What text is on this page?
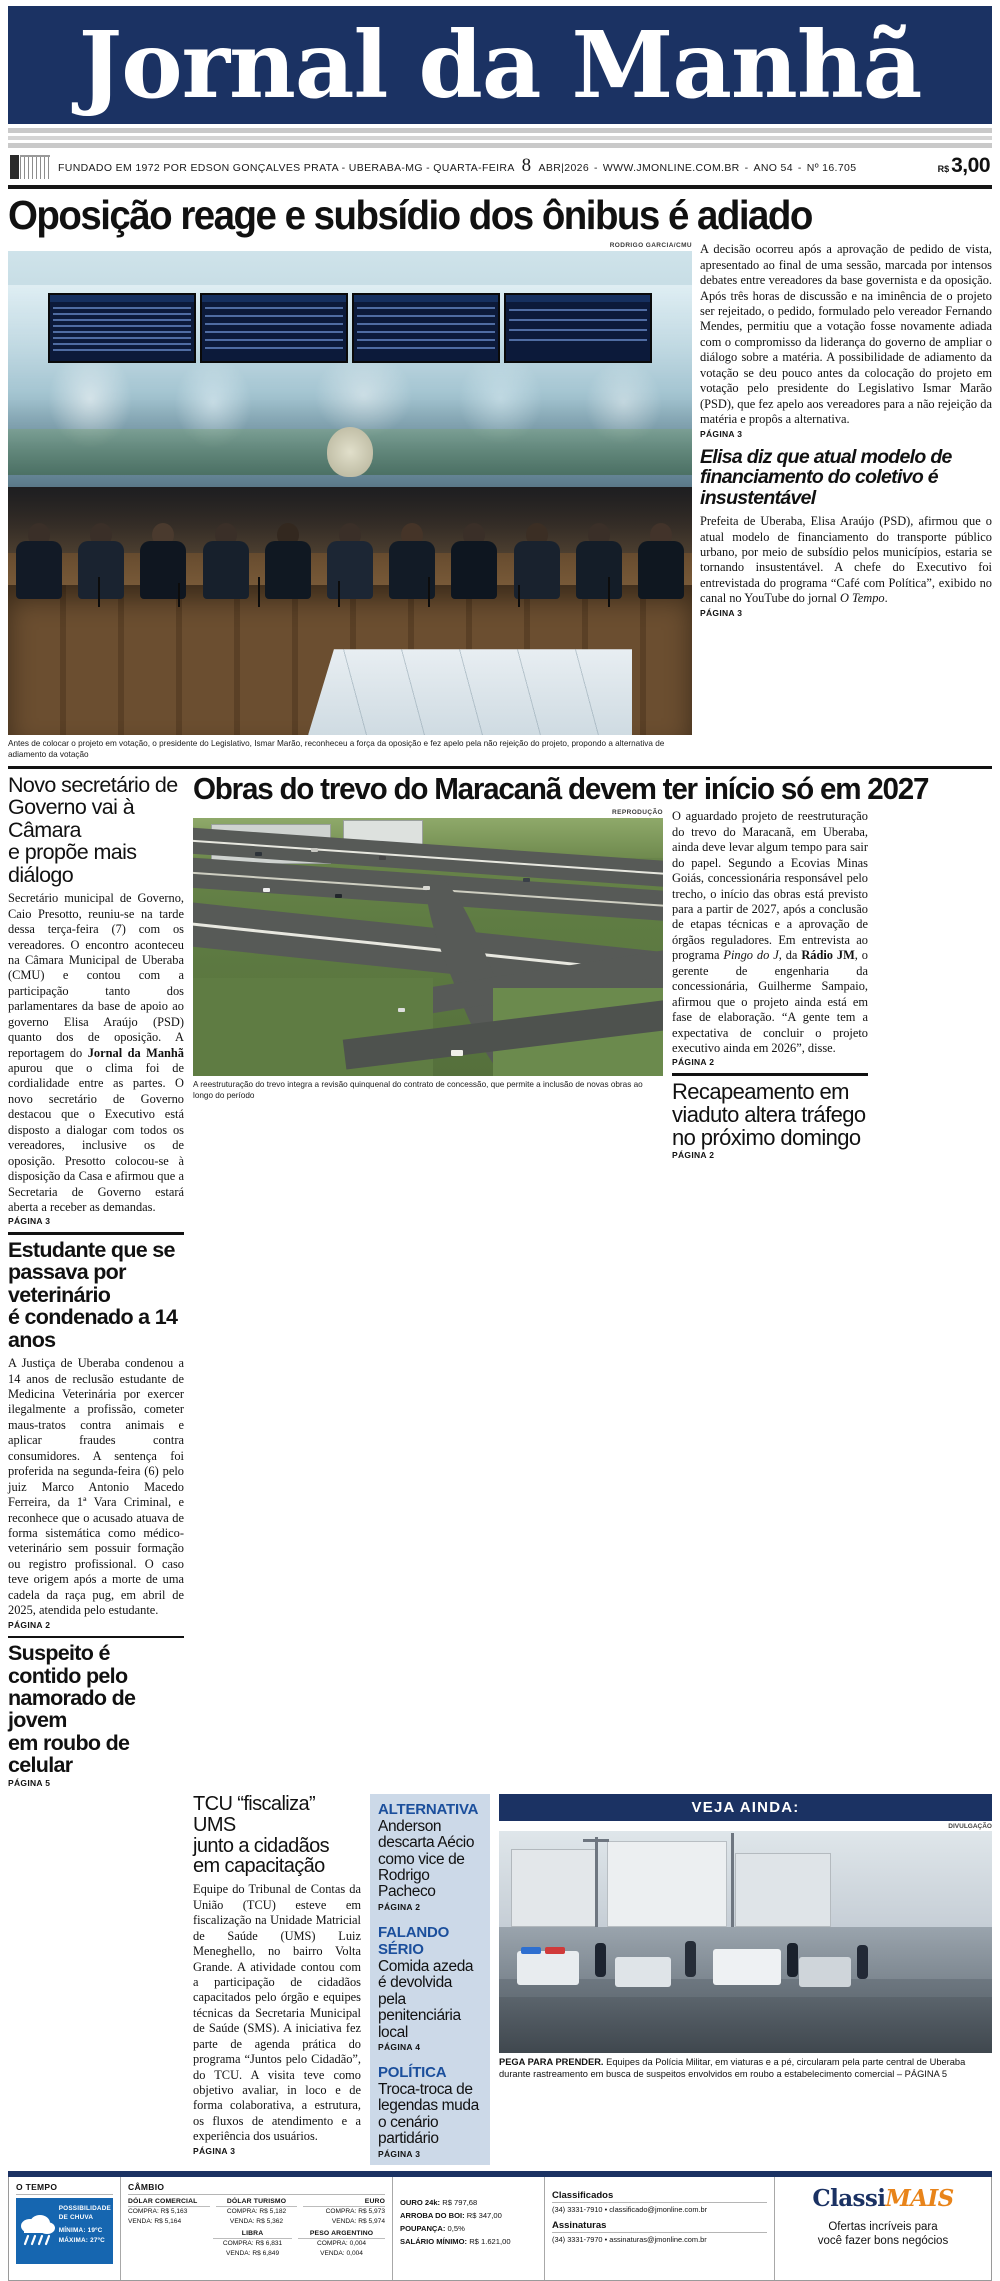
Jornal da Manhã
FUNDADO EM 1972 POR EDSON GONÇALVES PRATA - UBERABA-MG - QUARTA-FEIRA 8 ABR|2026 - WWW.JMONLINE.COM.BR - ANO 54 - Nº 16.705	R$ 3,00
Oposição reage e subsídio dos ônibus é adiado
RODRIGO GARCIA/CMU
Antes de colocar o projeto em votação, o presidente do Legislativo, Ismar Marão, reconheceu a força da oposição e fez apelo pela não rejeição do projeto, propondo a alternativa de adiamento da votação
A decisão ocorreu após a aprovação de pedido de vista, apresentado ao final de uma sessão, marcada por intensos debates entre vereadores da base governista e da oposição. Após três horas de discussão e na iminência de o projeto ser rejeitado, o pedido, formulado pelo vereador Fernando Mendes, permitiu que a votação fosse novamente adiada com o compromisso da liderança do governo de ampliar o diálogo sobre a matéria. A possibilidade de adiamento da votação se deu pouco antes da colocação do projeto em votação pelo presidente do Legislativo Ismar Marão (PSD), que fez apelo aos vereadores para a não rejeição da matéria e propôs a alternativa.
PÁGINA 3
Elisa diz que atual modelo de financiamento do coletivo é insustentável
Prefeita de Uberaba, Elisa Araújo (PSD), afirmou que o atual modelo de financiamento do transporte público urbano, por meio de subsídio pelos municípios, estaria se tornando insustentável. A chefe do Executivo foi entrevistada do programa “Café com Política”, exibido no canal no YouTube do jornal O Tempo.
PÁGINA 3
Novo secretário de
Governo vai à Câmara
e propõe mais diálogo
Secretário municipal de Governo, Caio Presotto, reuniu-se na tarde dessa terça-feira (7) com os vereadores. O encontro aconteceu na Câmara Municipal de Uberaba (CMU) e contou com a participação tanto dos parlamentares da base de apoio ao governo Elisa Araújo (PSD) quanto dos de oposição. A reportagem do Jornal da Manhã apurou que o clima foi de cordialidade entre as partes. O novo secretário de Governo destacou que o Executivo está disposto a dialogar com todos os vereadores, inclusive os de oposição. Presotto colocou-se à disposição da Casa e afirmou que a Secretaria de Governo estará aberta a receber as demandas.
PÁGINA 3
Estudante que se
passava por veterinário
é condenado a 14 anos
A Justiça de Uberaba condenou a 14 anos de reclusão estudante de Medicina Veterinária por exercer ilegalmente a profissão, cometer maus-tratos contra animais e aplicar fraudes contra consumidores. A sentença foi proferida na segunda-feira (6) pelo juiz Marco Antonio Macedo Ferreira, da 1ª Vara Criminal, e reconhece que o acusado atuava de forma sistemática como médico-veterinário sem possuir formação ou registro profissional. O caso teve origem após a morte de uma cadela da raça pug, em abril de 2025, atendida pelo estudante.
PÁGINA 2
Suspeito é contido pelo
namorado de jovem
em roubo de celular
PÁGINA 5
Obras do trevo do Maracanã devem ter início só em 2027
REPRODUÇÃO
A reestruturação do trevo integra a revisão quinquenal do contrato de concessão, que permite a inclusão de novas obras ao longo do período
O aguardado projeto de reestruturação do trevo do Maracanã, em Uberaba, ainda deve levar algum tempo para sair do papel. Segundo a Ecovias Minas Goiás, concessionária responsável pelo trecho, o início das obras está previsto para a partir de 2027, após a conclusão de etapas técnicas e a aprovação de órgãos reguladores. Em entrevista ao programa Pingo do J, da Rádio JM, o gerente de engenharia da concessionária, Guilherme Sampaio, afirmou que o projeto ainda está em fase de elaboração. “A gente tem a expectativa de concluir o projeto executivo ainda em 2026”, disse.
PÁGINA 2
Recapeamento em
viaduto altera tráfego
no próximo domingo
PÁGINA 2
TCU “fiscaliza” UMS
junto a cidadãos
em capacitação
Equipe do Tribunal de Contas da União (TCU) esteve em fiscalização na Unidade Matricial de Saúde (UMS) Luiz Meneghello, no bairro Volta Grande. A atividade contou com a participação de cidadãos capacitados pelo órgão e equipes técnicas da Secretaria Municipal de Saúde (SMS). A iniciativa fez parte de agenda prática do programa “Juntos pelo Cidadão”, do TCU. A visita teve como objetivo avaliar, in loco e de forma colaborativa, a estrutura, os fluxos de atendimento e a experiência dos usuários.
PÁGINA 3
ALTERNATIVA
Anderson descarta Aécio como vice de Rodrigo Pacheco
PÁGINA 2
FALANDO SÉRIO
Comida azeda é devolvida pela penitenciária local
PÁGINA 4
POLÍTICA
Troca-troca de legendas muda o cenário partidário
PÁGINA 3
VEJA AINDA:
DIVULGAÇÃO
PEGA PARA PRENDER. Equipes da Polícia Militar, em viaturas e a pé, circularam pela parte central de Uberaba durante rastreamento em busca de suspeitos envolvidos em roubo a estabelecimento comercial – PÁGINA 5
O TEMPO
POSSIBILIDADE
DE CHUVA
MÍNIMA: 19ºC
MÁXIMA: 27ºC
CÂMBIO
DÓLAR COMERCIAL
COMPRA: R$ 5,163
VENDA: R$ 5,164
DÓLAR TURISMO
COMPRA: R$ 5,182
VENDA: R$ 5,362
EURO
COMPRA: R$ 5,973
VENDA: R$ 5,974
LIBRA
COMPRA: R$ 6,831
VENDA: R$ 6,849
PESO ARGENTINO
COMPRA: 0,004
VENDA: 0,004
OURO 24k: R$ 797,68
ARROBA DO BOI: R$ 347,00
POUPANÇA: 0,5%
SALÁRIO MÍNIMO: R$ 1.621,00
Classificados
(34) 3331-7910 • classificado@jmonline.com.br
Assinaturas
(34) 3331-7970 • assinaturas@jmonline.com.br
ClassiMAIS
Ofertas incríveis para
você fazer bons negócios
